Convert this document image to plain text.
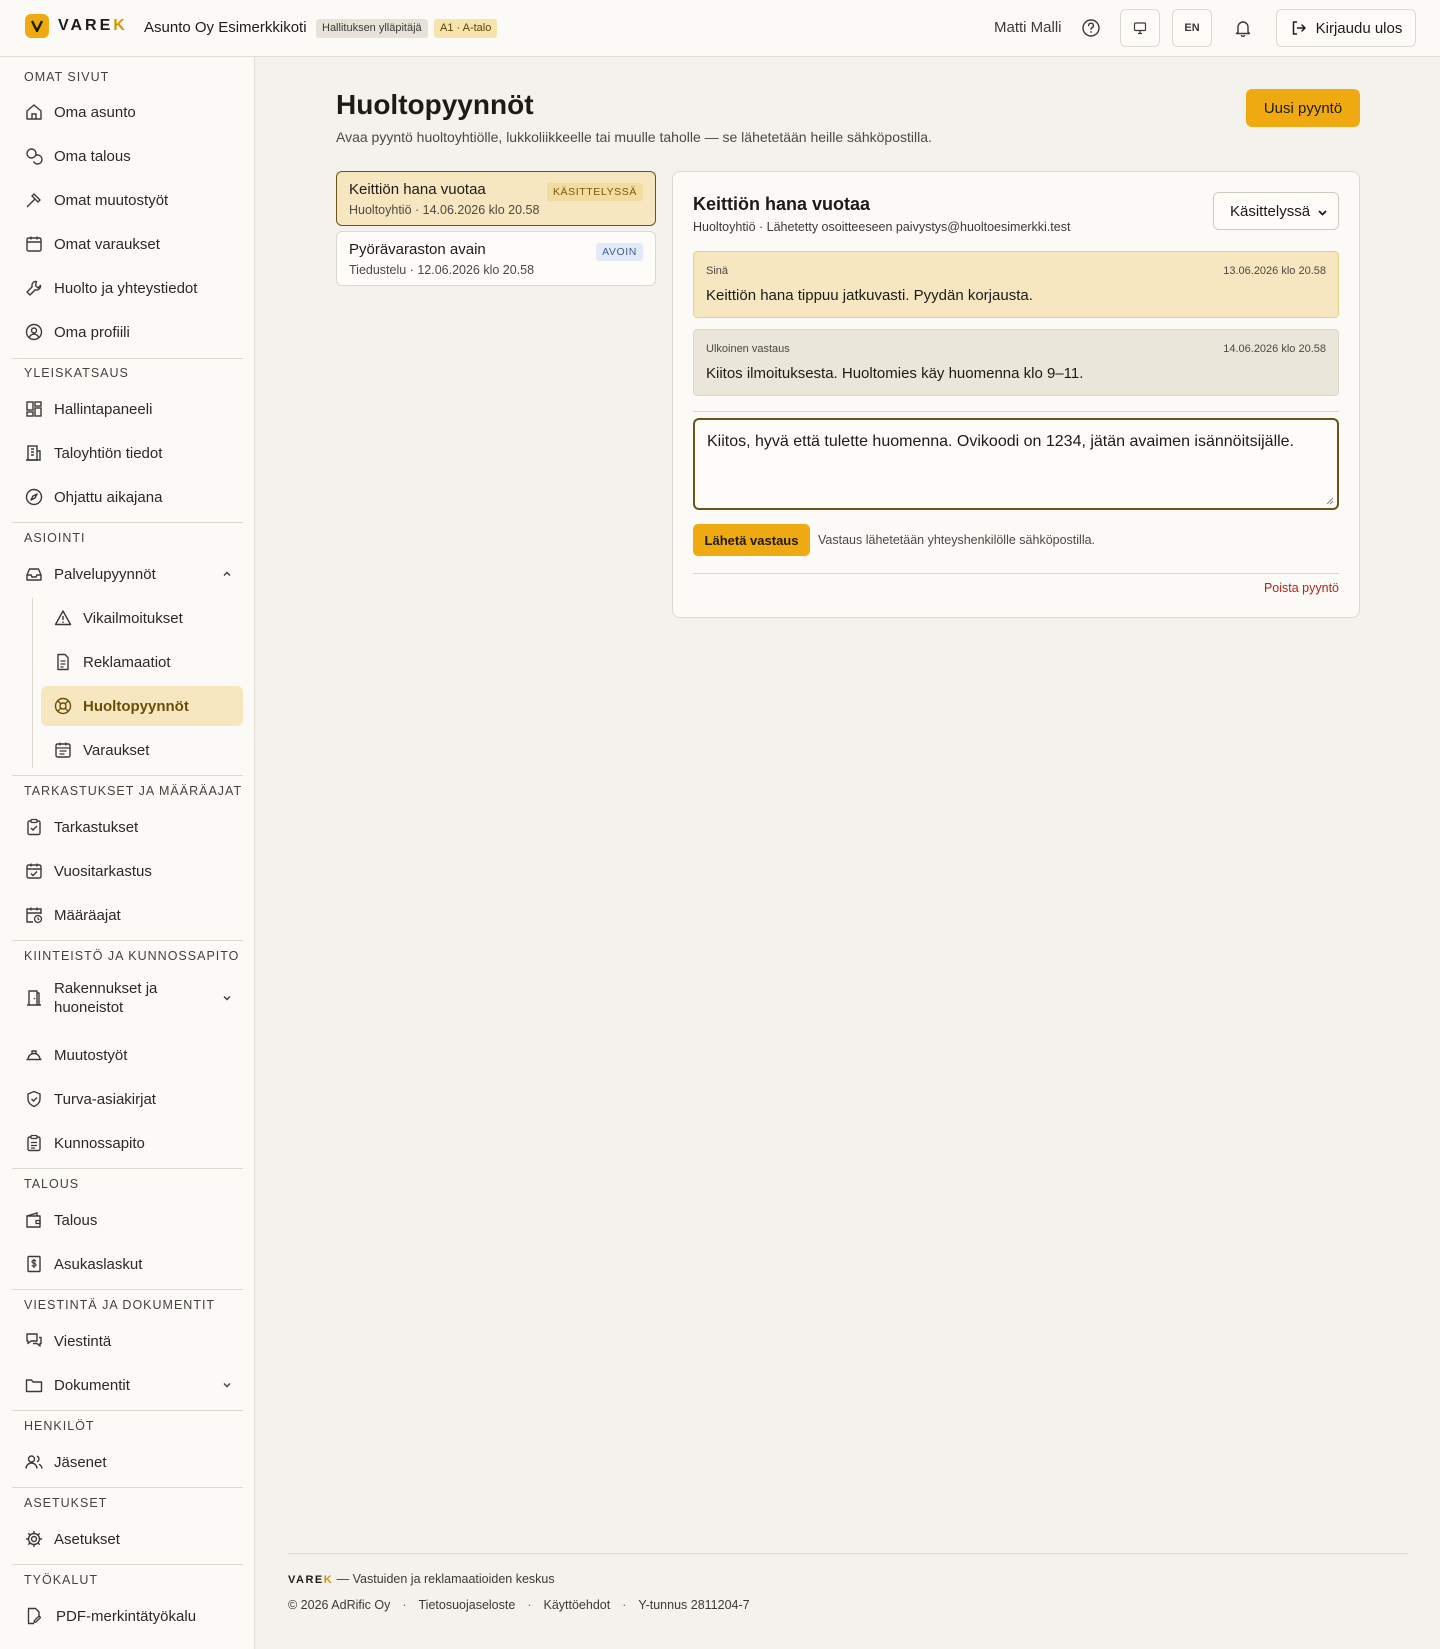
VAREK Asunto Oy Esimerkkikoti	Hallituksen ylläpitäjä	A1 · A-talo	Matti Malli	EN	Kirjaudu ulos
OMAT SIVUT
Oma asunto
Oma talous
Omat muutostyöt
Omat varaukset
Huolto ja yhteystiedot
Oma profiili
YLEISKATSAUS
Hallintapaneeli
Taloyhtiön tiedot
Ohjattu aikajana
ASIOINTI
Palvelupyynnöt
Vikailmoitukset
Reklamaatiot
Huoltopyynnöt
Varaukset
TARKASTUKSET JA MÄÄRÄAJAT
Tarkastukset
Vuositarkastus
Määräajat
KIINTEISTÖ JA KUNNOSSAPITO
Rakennukset ja
huoneistot
Muutostyöt
Turva-asiakirjat
Kunnossapito
TALOUS
Talous
Asukaslaskut
VIESTINTÄ JA DOKUMENTIT
Viestintä
Dokumentit
HENKILÖT
Jäsenet
ASETUKSET
Asetukset
TYÖKALUT
PDF-merkintätyökalu
Huoltopyynnöt

Avaa pyyntö huoltoyhtiölle, lukkoliikkeelle tai muulle taholle — se lähetetään heille sähköpostilla.

Uusi pyyntö
Keittiön hana vuotaa
Huoltoyhtiö · 14.06.2026 klo 20.58
KÄSITTELYSSÄ
Pyörävaraston avain
Tiedustelu · 12.06.2026 klo 20.58
AVOIN
Keittiön hana vuotaa
Huoltoyhtiö · Lähetetty osoitteeseen paivystys@huoltoesimerkki.test
Käsittelyssä
Sinä	13.06.2026 klo 20.58
Keittiön hana tippuu jatkuvasti. Pyydän korjausta.
Ulkoinen vastaus	14.06.2026 klo 20.58
Kiitos ilmoituksesta. Huoltomies käy huomenna klo 9–11.
Kiitos, hyvä että tulette huomenna. Ovikoodi on 1234, jätän avaimen isännöitsijälle.
Lähetä vastaus	Vastaus lähetetään yhteyshenkilölle sähköpostilla.
Poista pyyntö
VAREK — Vastuiden ja reklamaatioiden keskus
© 2026 AdRific Oy · Tietosuojaseloste · Käyttöehdot · Y-tunnus 2811204-7
